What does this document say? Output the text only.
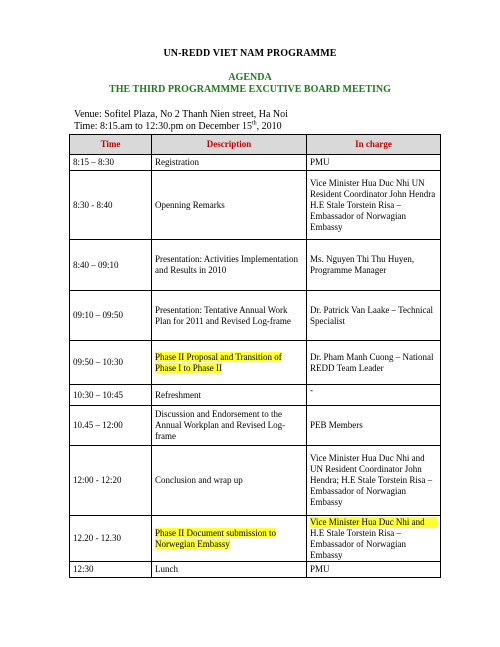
UN-REDD VIET NAM PROGRAMME
AGENDA
THE THIRD PROGRAMMME EXCUTIVE BOARD MEETING
Venue: Sofitel Plaza, No 2 Thanh Nien street, Ha Noi
Time: 8:15.am to 12:30.pm on December 15th, 2010
Time	Description	In charge
8:15 – 8:30	Registration	PMU
8:30 - 8:40	Openning Remarks	Vice Minister Hua Duc Nhi UN Resident Coordinator John Hendra H.E Stale Torstein Risa – Embassador of Norwagian Embassy
8:40 – 09:10	Presentation: Activities Implementation and Results in 2010	Ms. Nguyen Thi Thu Huyen, Programme Manager
09:10 – 09:50	Presentation: Tentative Annual Work Plan for 2011 and Revised Log-frame	Dr. Patrick Van Laake – Technical Specialist
09:50 – 10:30	Phase II Proposal and Transition of Phase I to Phase II	Dr. Pham Manh Cuong – National REDD Team Leader
10:30 – 10:45	Refreshment	-
10.45 – 12:00	Discussion and Endorsement to the Annual Workplan and Revised Log-frame	PEB Members
12:00 - 12:20	Conclusion and wrap up	Vice Minister Hua Duc Nhi and UN Resident Coordinator John Hendra; H.E Stale Torstein Risa – Embassador of Norwagian Embassy
12.20 - 12.30	Phase II Document submission to Norwegian Embassy	Vice Minister Hua Duc Nhi and
H.E Stale Torstein Risa – Embassador of Norwagian Embassy
12:30	Lunch	PMU
